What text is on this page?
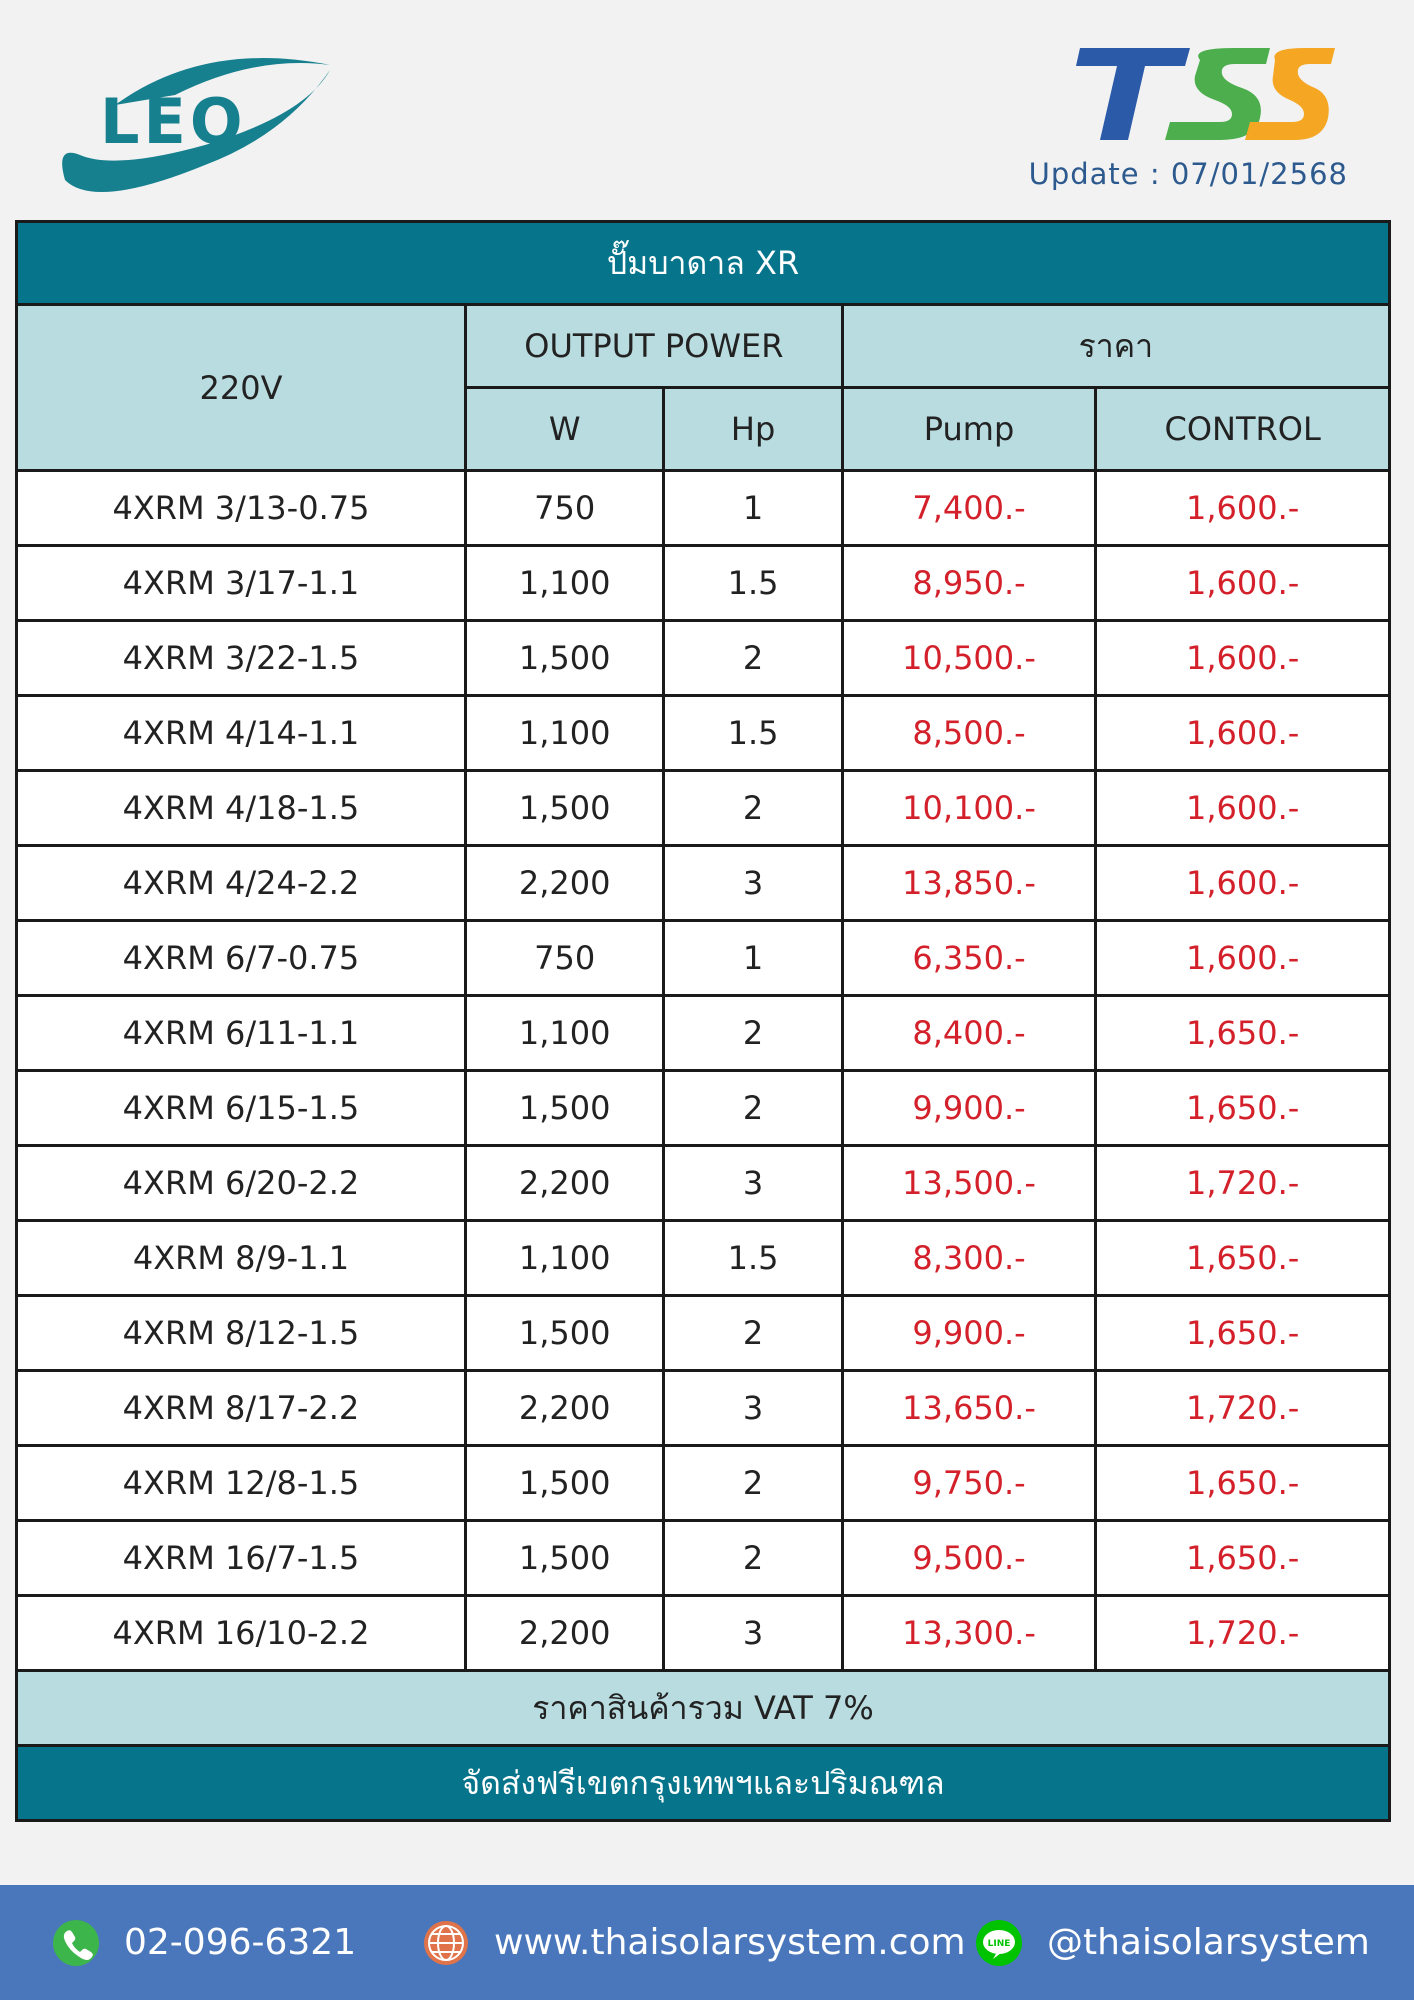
LEO	TSS
Update : 07/01/2568
ปั๊มบาดาล XR				
220V	OUTPUT POWER		ราคา	
	W	Hp	Pump	CONTROL
4XRM 3/13-0.75	750	1	7,400.-	1,600.-
4XRM 3/17-1.1	1,100	1.5	8,950.-	1,600.-
4XRM 3/22-1.5	1,500	2	10,500.-	1,600.-
4XRM 4/14-1.1	1,100	1.5	8,500.-	1,600.-
4XRM 4/18-1.5	1,500	2	10,100.-	1,600.-
4XRM 4/24-2.2	2,200	3	13,850.-	1,600.-
4XRM 6/7-0.75	750	1	6,350.-	1,600.-
4XRM 6/11-1.1	1,100	2	8,400.-	1,650.-
4XRM 6/15-1.5	1,500	2	9,900.-	1,650.-
4XRM 6/20-2.2	2,200	3	13,500.-	1,720.-
4XRM 8/9-1.1	1,100	1.5	8,300.-	1,650.-
4XRM 8/12-1.5	1,500	2	9,900.-	1,650.-
4XRM 8/17-2.2	2,200	3	13,650.-	1,720.-
4XRM 12/8-1.5	1,500	2	9,750.-	1,650.-
4XRM 16/7-1.5	1,500	2	9,500.-	1,650.-
4XRM 16/10-2.2	2,200	3	13,300.-	1,720.-
ราคาสินค้ารวม VAT 7%				
จัดส่งฟรีเขตกรุงเทพฯและปริมณฑล				
02-096-6321	www.thaisolarsystem.com LINE @thaisolarsystem
